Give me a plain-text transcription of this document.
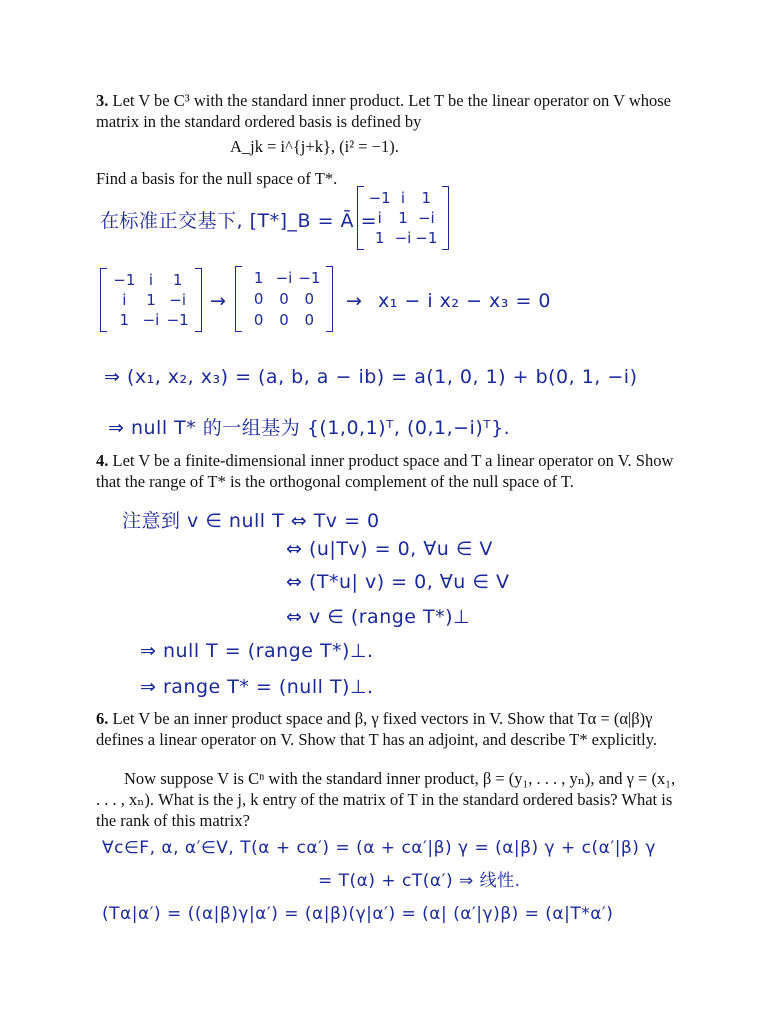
3. Let V be C³ with the standard inner product. Let T be the linear operator on V whose matrix in the standard ordered basis is defined by

A_jk = i^{j+k}, (i² = −1).

Find a basis for the null space of T*.

在标准正交基下, [T*]_B = Ā =
−1 i	1
i	1 −i
1 −i −1
−1 i	1
i	1 −i
1 −i −1
→
1 −i −1
0	0	0
0	0	0
→ x₁ − i x₂ − x₃ = 0
⇒ (x₁, x₂, x₃) = (a, b, a − ib) = a(1, 0, 1) + b(0, 1, −i)
⇒ null T* 的一组基为 {(1,0,1)ᵀ, (0,1,−i)ᵀ}.

4. Let V be a finite-dimensional inner product space and T a linear operator on V. Show that the range of T* is the orthogonal complement of the null space of T.

注意到 v ∈ null T ⇔ Tv = 0
⇔ (u|Tv) = 0, ∀u ∈ V
⇔ (T*u| v) = 0, ∀u ∈ V
⇔ v ∈ (range T*)⊥
⇒ null T = (range T*)⊥.
⇒ range T* = (null T)⊥.

6. Let V be an inner product space and β, γ fixed vectors in V. Show that Tα = (α|β)γ defines a linear operator on V. Show that T has an adjoint, and describe T* explicitly.

Now suppose V is Cⁿ with the standard inner product, β = (y₁, . . . , yₙ), and γ = (x₁, . . . , xₙ). What is the j, k entry of the matrix of T in the standard ordered basis? What is the rank of this matrix?

∀c∈F, α, α′∈V, T(α + cα′) = (α + cα′|β) γ = (α|β) γ + c(α′|β) γ
= T(α) + cT(α′) ⇒ 线性.
(Tα|α′) = ((α|β)γ|α′) = (α|β)(γ|α′) = (α| (α′|γ)β) = (α|T*α′)
